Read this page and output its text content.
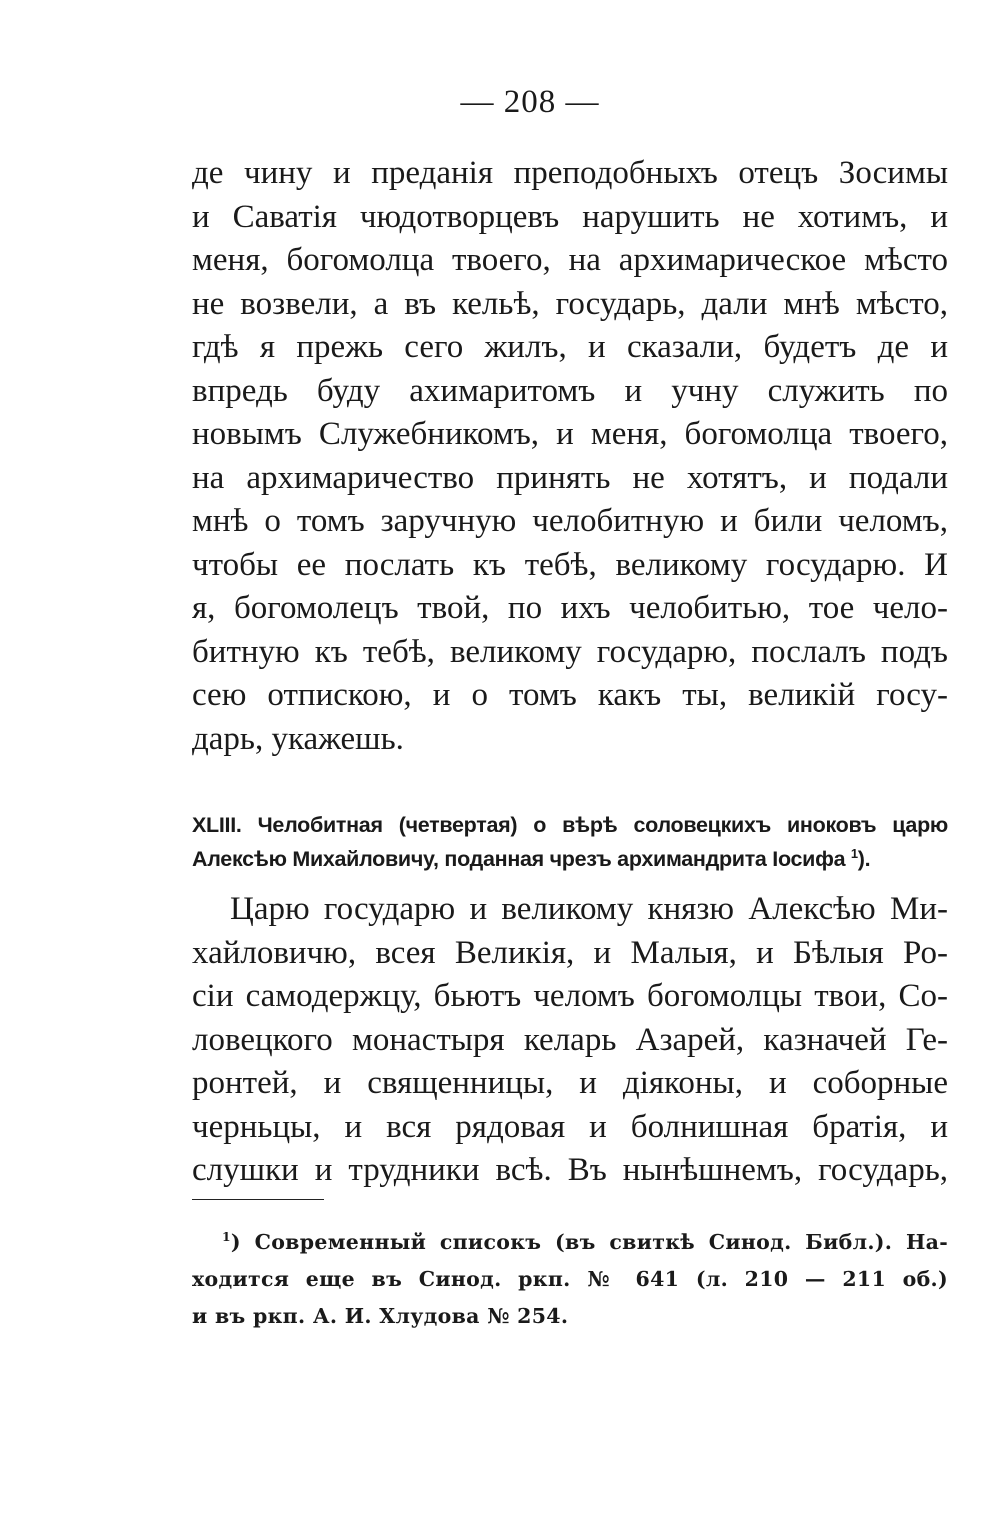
— 208 —
де чину и преданія преподобныхъ отецъ Зосимы
и Саватія чюдотворцевъ нарушить не хотимъ, и
меня, богомолца твоего, на архимарическое мѣсто
не возвели, а въ кельѣ, государь, дали мнѣ мѣсто,
гдѣ я прежь сего жилъ, и сказали, будетъ де и
впредь буду ахимаритомъ и учну служить по
новымъ Служебникомъ, и меня, богомолца твоего,
на архимаричество принять не хотятъ, и подали
мнѣ о томъ заручную челобитную и били челомъ,
чтобы ее послать къ тебѣ, великому государю. И
я, богомолецъ твой, по ихъ челобитью, тое чело-
битную къ тебѣ, великому государю, послалъ подъ
сею отпискою, и о томъ какъ ты, великій госу-
дарь, укажешь.
XLIII. Челобитная (четвертая) о вѣрѣ соловецкихъ иноковъ царю
Алексѣю Михайловичу, поданная чрезъ архимандрита Іосифа $^1$).
Царю государю и великому князю Алексѣю Ми-
хайловичю, всея Великія, и Малыя, и Бѣлыя Ро-
сіи самодержцу, бьютъ челомъ богомолцы твои, Со-
ловецкого монастыря келарь Азарей, казначей Ге-
ронтей, и священницы, и діяконы, и соборные
черньцы, и вся рядовая и болнишная братія, и
слушки и трудники всѣ. Въ нынѣшнемъ, государь,
$^1$) Современный списокъ (въ свиткѣ Синод. Библ.). На-
ходится еще въ Синод. ркп. № 641 (л. 210 — 211 об.)
и въ ркп. А. И. Хлудова № 254.
